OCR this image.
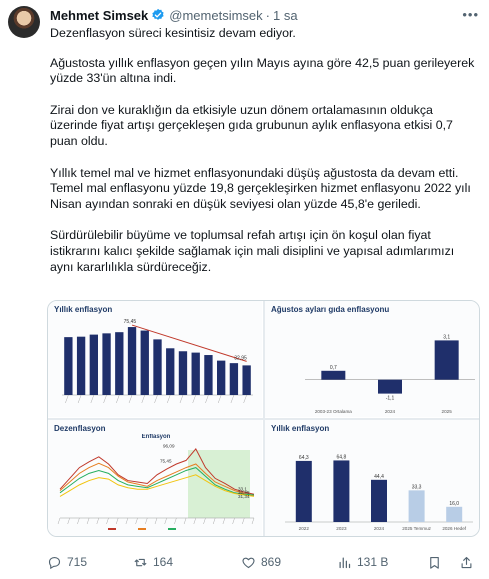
Mehmet Simsek @memetsimsek · 1 sa	•••

Dezenflasyon süreci kesintisiz devam ediyor.

Ağustosta yıllık enflasyon geçen yılın Mayıs ayına göre 42,5 puan gerileyerek yüzde 33'ün altına indi.

Zirai don ve kuraklığın da etkisiyle uzun dönem ortalamasının oldukça üzerinde fiyat artışı gerçekleşen gıda grubunun aylık enflasyona etkisi 0,7 puan oldu.

Yıllık temel mal ve hizmet enflasyonundaki düşüş ağustosta da devam etti. Temel mal enflasyonu yüzde 19,8 gerçekleşirken hizmet enflasyonu 2022 yılı Nisan ayından sonraki en düşük seviyesi olan yüzde 45,8'e geriledi.

Sürdürülebilir büyüme ve toplumsal refah artışı için ön koşul olan fiyat istikrarını kalıcı şekilde sağlamak için mali disiplini ve yapısal adımlarımızı aynı kararlılıkla sürdüreceğiz.

Yıllık enflasyon
75,45
32,95
Ağustos ayları gıda enflasyonu
0,7
2003-23 Ortalama
-1,1
2024
3,1
2025
Dezenflasyon
Enflasyon
96,09
75,45
33,1
32,95
31,34
Yıllık enflasyon
64,3
2022
64,8
2023
44,4
2024
33,3
2025 Temmuz
16,0
2026 Hedef
715	164	869	131 B
